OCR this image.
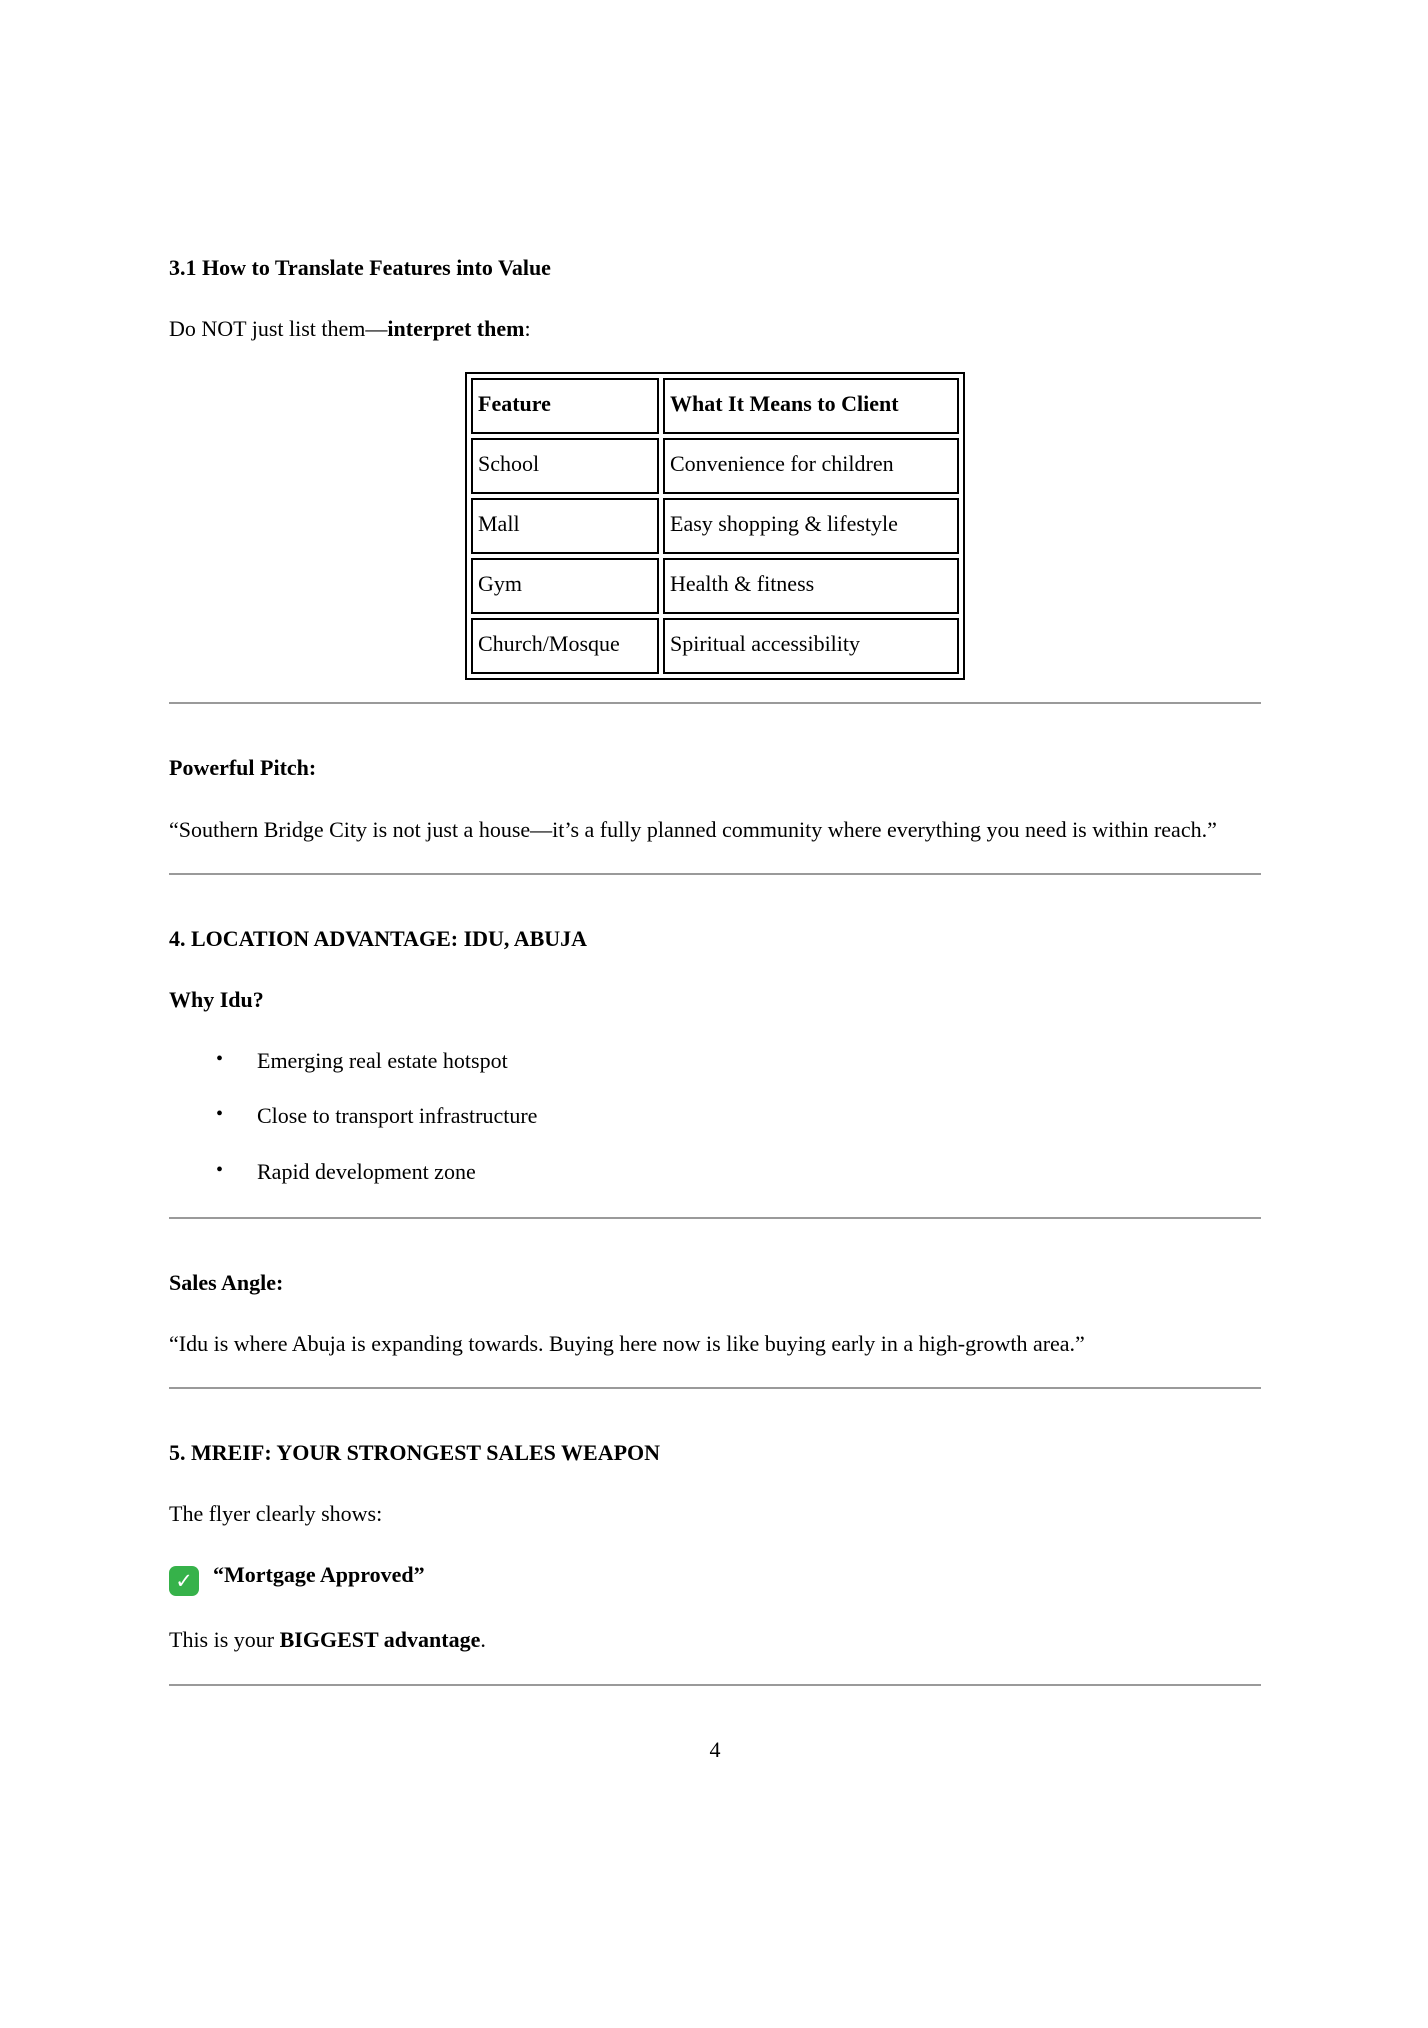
3.1 How to Translate Features into Value

Do NOT just list them—interpret them:

Feature	What It Means to Client
School	Convenience for children
Mall	Easy shopping & lifestyle
Gym	Health & fitness
Church/Mosque	Spiritual accessibility

Powerful Pitch:

“Southern Bridge City is not just a house—it’s a fully planned community where everything you need is within reach.”

4. LOCATION ADVANTAGE: IDU, ABUJA
Why Idu?
• Emerging real estate hotspot
• Close to transport infrastructure
• Rapid development zone

Sales Angle:

“Idu is where Abuja is expanding towards. Buying here now is like buying early in a high-growth area.”

5. MREIF: YOUR STRONGEST SALES WEAPON

The flyer clearly shows:

✓ “Mortgage Approved”

This is your BIGGEST advantage.

4
